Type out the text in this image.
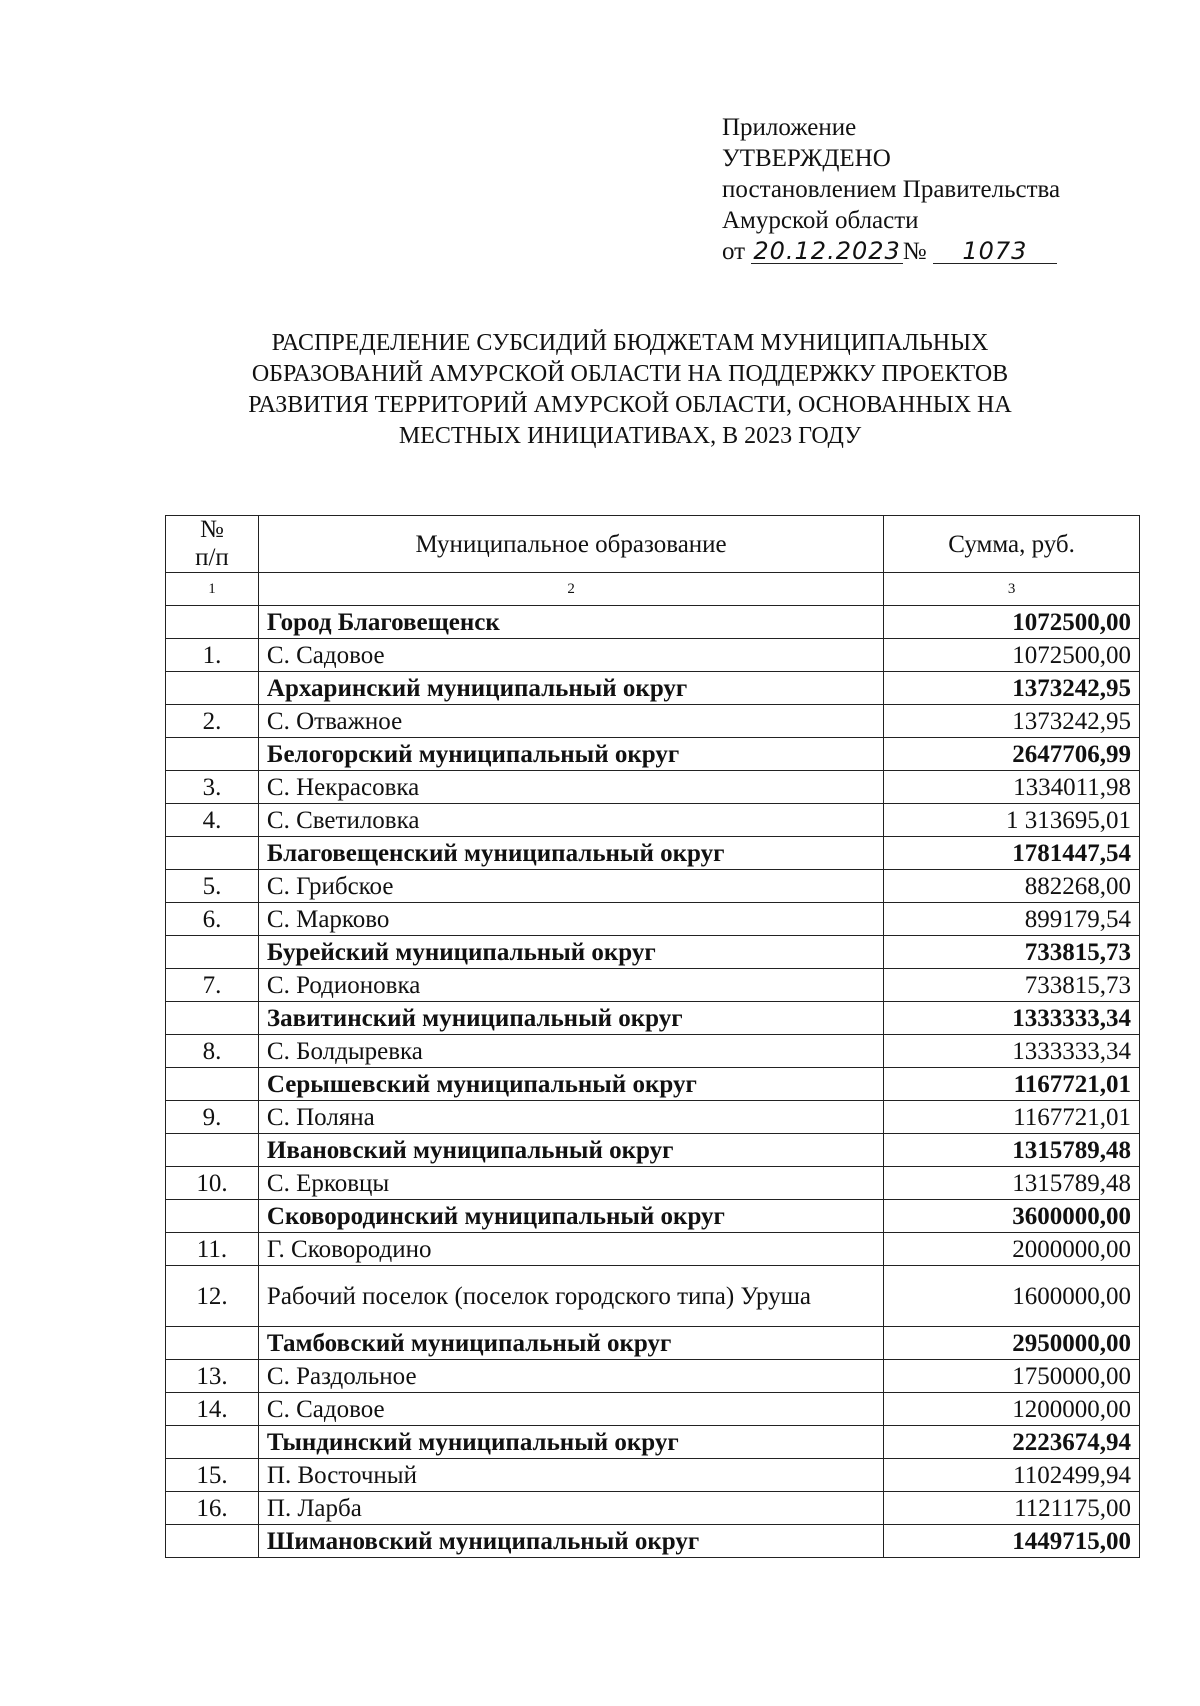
Приложение
УТВЕРЖДЕНО
постановлением Правительства
Амурской области
от 20.12.2023№ 1073
РАСПРЕДЕЛЕНИЕ СУБСИДИЙ БЮДЖЕТАМ МУНИЦИПАЛЬНЫХ
ОБРАЗОВАНИЙ АМУРСКОЙ ОБЛАСТИ НА ПОДДЕРЖКУ ПРОЕКТОВ
РАЗВИТИЯ ТЕРРИТОРИЙ АМУРСКОЙ ОБЛАСТИ, ОСНОВАННЫХ НА
МЕСТНЫХ ИНИЦИАТИВАХ, В 2023 ГОДУ
№
п/п	Муниципальное образование	Сумма, руб.
1	2	3
	Город Благовещенск	1072500,00
1.	С. Садовое	1072500,00
	Архаринский муниципальный округ	1373242,95
2.	С. Отважное	1373242,95
	Белогорский муниципальный округ	2647706,99
3.	С. Некрасовка	1334011,98
4.	С. Светиловка	1 313695,01
	Благовещенский муниципальный округ	1781447,54
5.	С. Грибское	882268,00
6.	С. Марково	899179,54
	Бурейский муниципальный округ	733815,73
7.	С. Родионовка	733815,73
	Завитинский муниципальный округ	1333333,34
8.	С. Болдыревка	1333333,34
	Серышевский муниципальный округ	1167721,01
9.	С. Поляна	1167721,01
	Ивановский муниципальный округ	1315789,48
10.	С. Ерковцы	1315789,48
	Сковородинский муниципальный округ	3600000,00
11.	Г. Сковородино	2000000,00
12.	Рабочий поселок (поселок городского типа) Уруша	1600000,00
	Тамбовский муниципальный округ	2950000,00
13.	С. Раздольное	1750000,00
14.	С. Садовое	1200000,00
	Тындинский муниципальный округ	2223674,94
15.	П. Восточный	1102499,94
16.	П. Ларба	1121175,00
	Шимановский муниципальный округ	1449715,00
